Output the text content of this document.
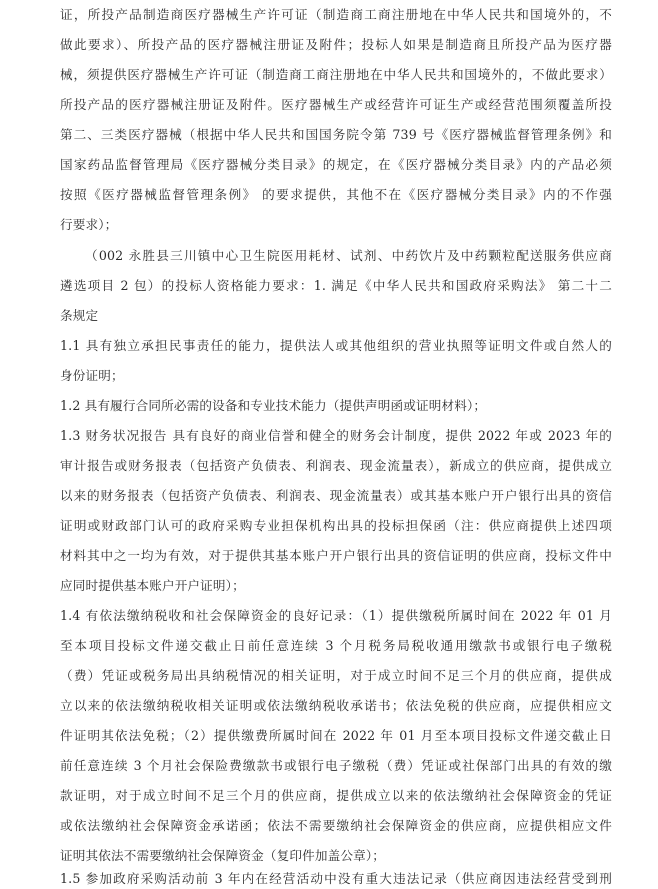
证，所投产品制造商医疗器械生产许可证（制造商工商注册地在中华人民共和国境外的，不
做此要求）、所投产品的医疗器械注册证及附件；投标人如果是制造商且所投产品为医疗器
械，须提供医疗器械生产许可证（制造商工商注册地在中华人民共和国境外的，不做此要求）
所投产品的医疗器械注册证及附件。医疗器械生产或经营许可证生产或经营范围须覆盖所投
第二、三类医疗器械（根据中华人民共和国国务院令第 739 号《医疗器械监督管理条例》和
国家药品监督管理局《医疗器械分类目录》的规定，在《医疗器械分类目录》内的产品必须
按照《医疗器械监督管理条例》 的要求提供，其他不在《医疗器械分类目录》内的不作强
行要求）；
（002 永胜县三川镇中心卫生院医用耗材、试剂、中药饮片及中药颗粒配送服务供应商
遴选项目 2 包）的投标人资格能力要求：1. 满足《中华人民共和国政府采购法》 第二十二
条规定
1.1 具有独立承担民事责任的能力，提供法人或其他组织的营业执照等证明文件或自然人的
身份证明；
1.2 具有履行合同所必需的设备和专业技术能力（提供声明函或证明材料）；
1.3 财务状况报告 具有良好的商业信誉和健全的财务会计制度，提供 2022 年或 2023 年的
审计报告或财务报表（包括资产负债表、利润表、现金流量表），新成立的供应商，提供成立
以来的财务报表（包括资产负债表、利润表、现金流量表）或其基本账户开户银行出具的资信
证明或财政部门认可的政府采购专业担保机构出具的投标担保函（注：供应商提供上述四项
材料其中之一均为有效，对于提供其基本账户开户银行出具的资信证明的供应商，投标文件中
应同时提供基本账户开户证明）；
1.4 有依法缴纳税收和社会保障资金的良好记录：（1）提供缴税所属时间在 2022 年 01 月
至本项目投标文件递交截止日前任意连续 3 个月税务局税收通用缴款书或银行电子缴税
（费）凭证或税务局出具纳税情况的相关证明，对于成立时间不足三个月的供应商，提供成
立以来的依法缴纳税收相关证明或依法缴纳税收承诺书；依法免税的供应商，应提供相应文
件证明其依法免税；（2）提供缴费所属时间在 2022 年 01 月至本项目投标文件递交截止日
前任意连续 3 个月社会保险费缴款书或银行电子缴税（费）凭证或社保部门出具的有效的缴
款证明，对于成立时间不足三个月的供应商，提供成立以来的依法缴纳社会保障资金的凭证
或依法缴纳社会保障资金承诺函；依法不需要缴纳社会保障资金的供应商，应提供相应文件
证明其依法不需要缴纳社会保障资金（复印件加盖公章）；
1.5 参加政府采购活动前 3 年内在经营活动中没有重大违法记录（供应商因违法经营受到刑
